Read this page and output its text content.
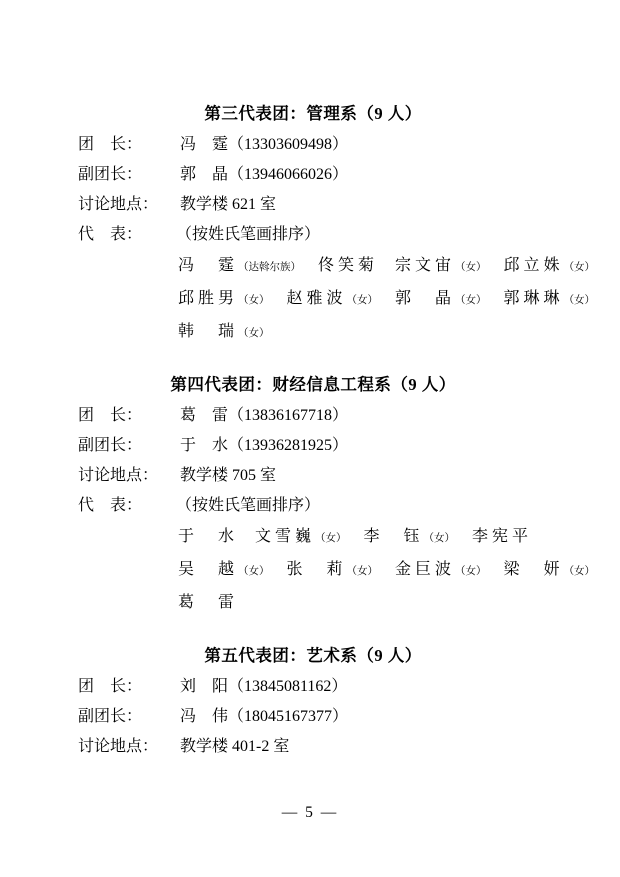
第三代表团：管理系（9 人）
团　长：	冯　霆（13303609498）
副团长：	郭　晶（13946066026）
讨论地点：	教学楼 621 室
代　表：	（按姓氏笔画排序）
冯　霆（达斡尔族） 佟笑菊 宗文宙（女） 邱立姝（女）
邱胜男（女） 赵雅波（女） 郭　晶（女） 郭琳琳（女）
韩　瑞（女）
第四代表团：财经信息工程系（9 人）
团　长：	葛　雷（13836167718）
副团长：	于　水（13936281925）
讨论地点：	教学楼 705 室
代　表：	（按姓氏笔画排序）
于　水 文雪巍（女） 李　钰（女） 李宪平
吴　越（女） 张　莉（女） 金巨波（女） 梁　妍（女）
葛　雷
第五代表团：艺术系（9 人）
团　长：	刘　阳（13845081162）
副团长：	冯　伟（18045167377）
讨论地点：	教学楼 401-2 室
— 5 —
